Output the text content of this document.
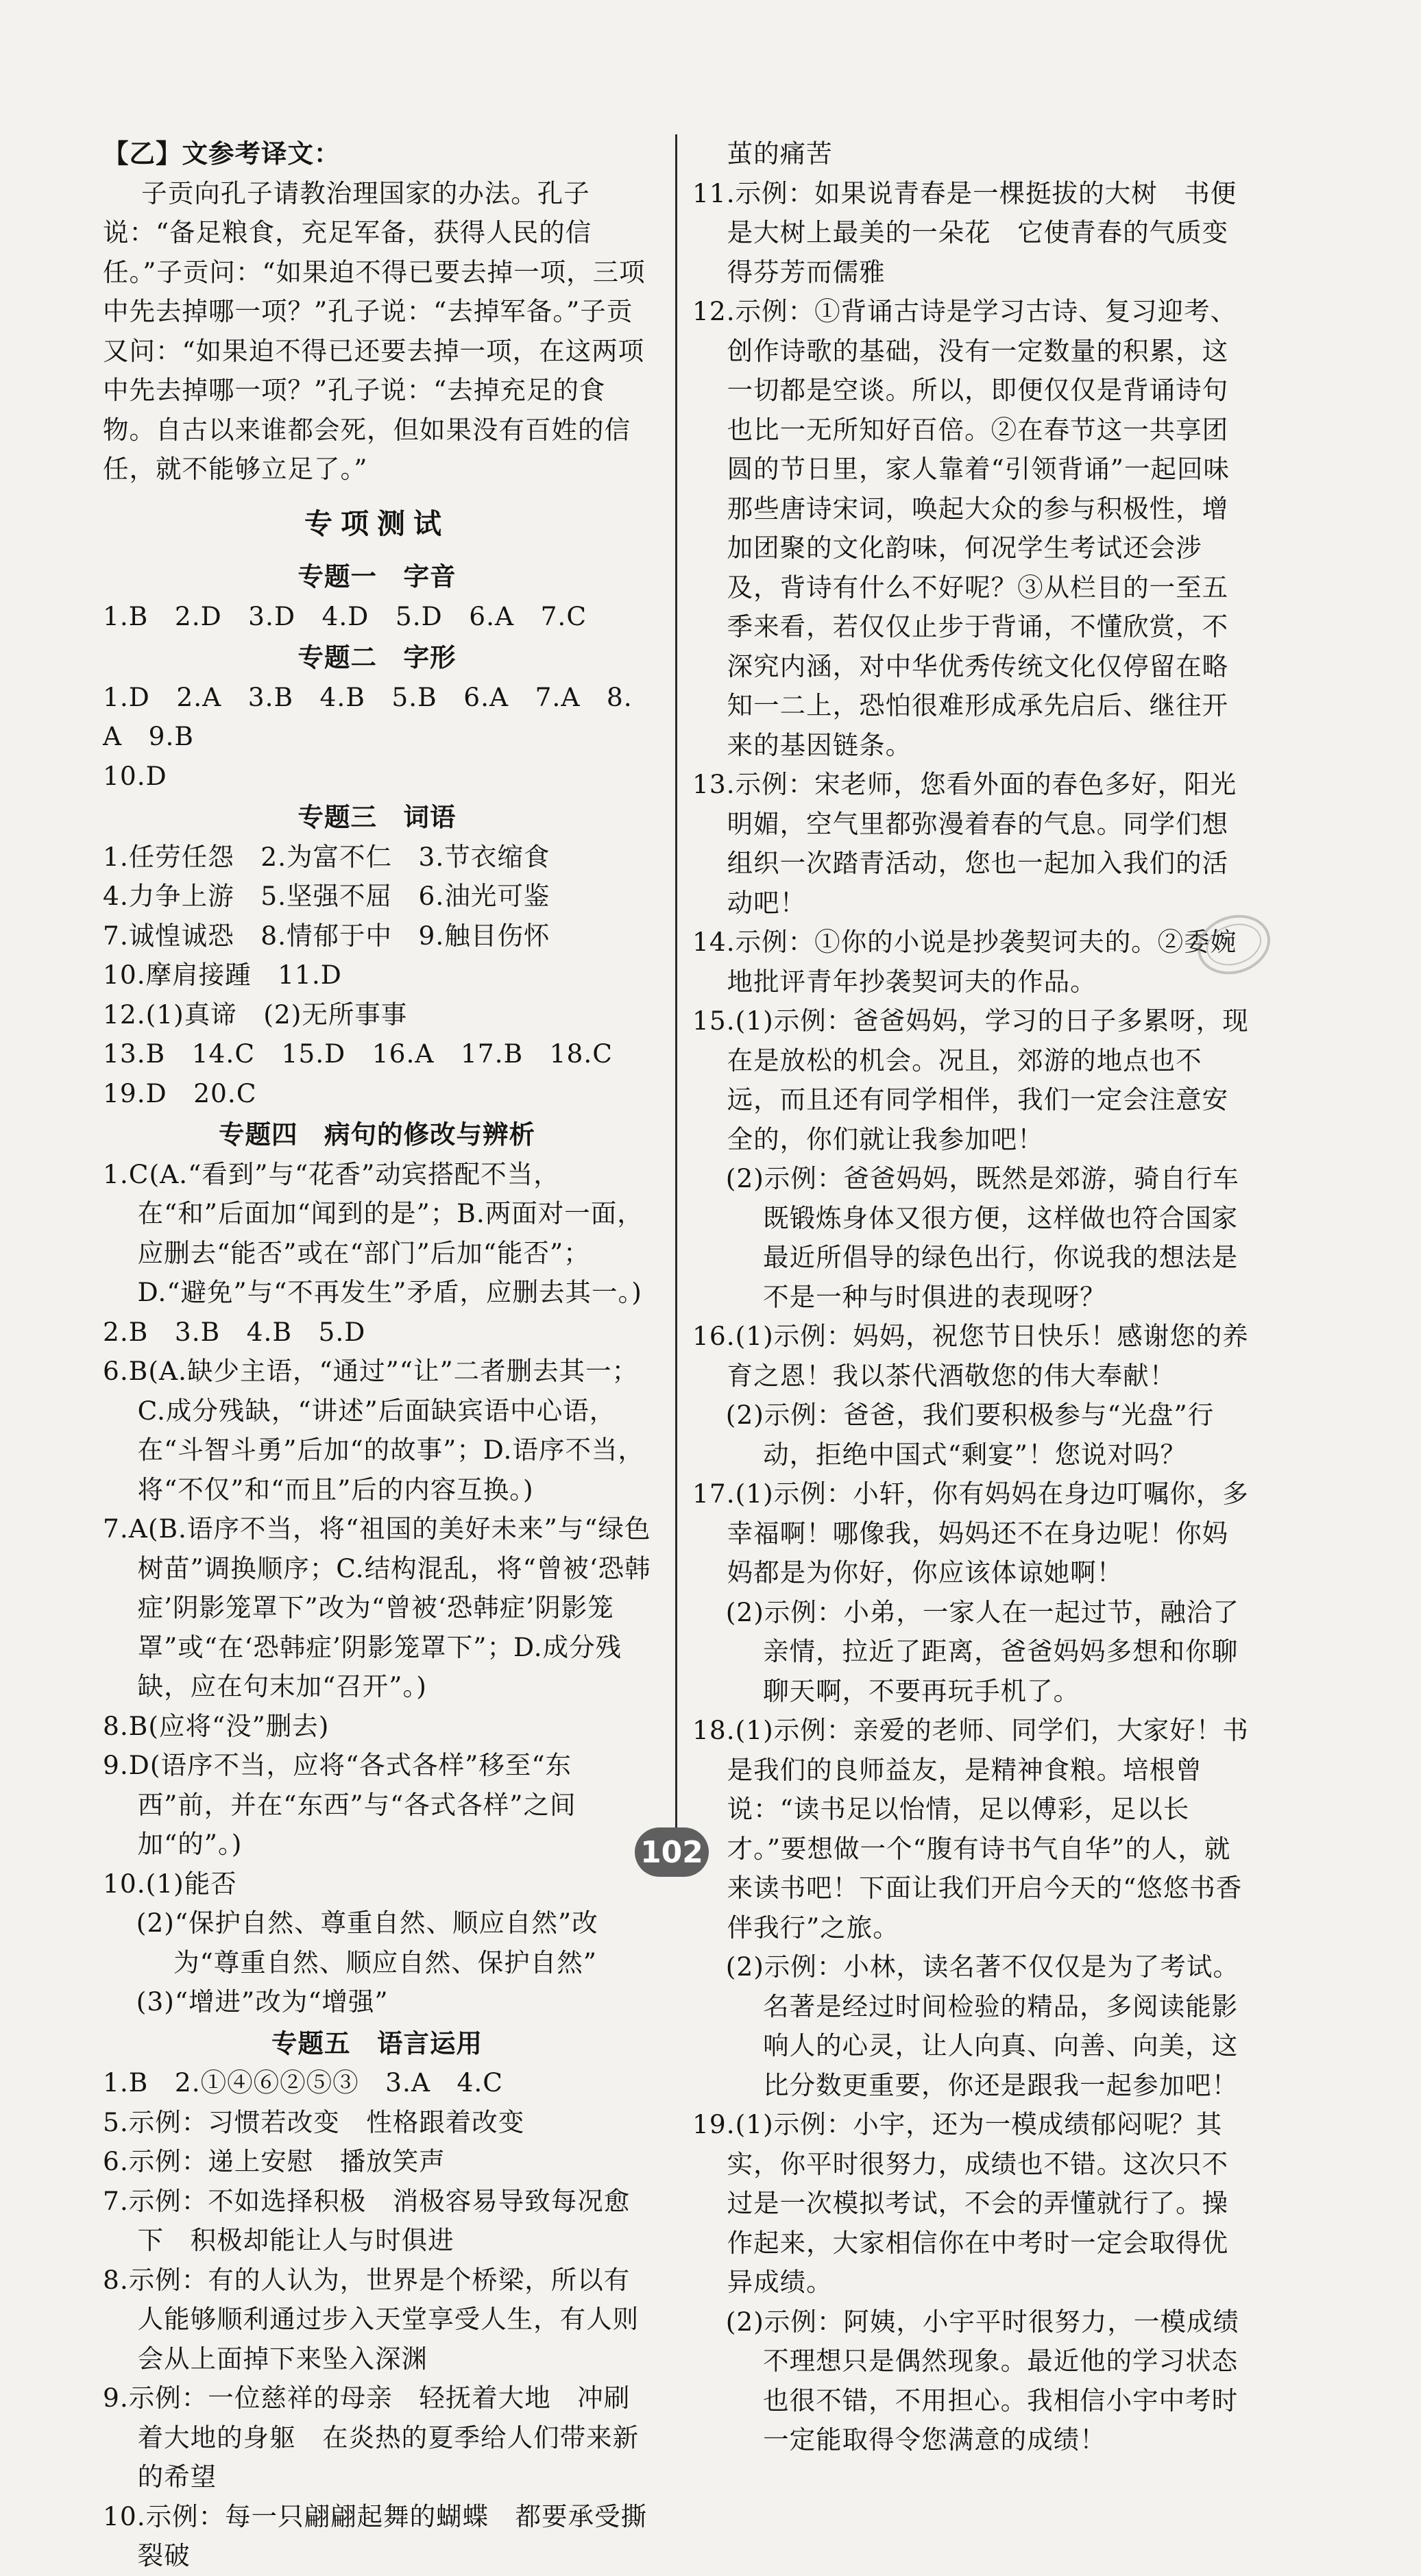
【乙】文参考译文：

子贡向孔子请教治理国家的办法。孔子说：“备足粮食，充足军备，获得人民的信任。”子贡问：“如果迫不得已要去掉一项，三项中先去掉哪一项？”孔子说：“去掉军备。”子贡又问：“如果迫不得已还要去掉一项，在这两项中先去掉哪一项？”孔子说：“去掉充足的食物。自古以来谁都会死，但如果没有百姓的信任，就不能够立足了。”

专项测试
专题一　字音

1.B　2.D　3.D　4.D　5.D　6.A　7.C

专题二　字形

1.D　2.A　3.B　4.B　5.B　6.A　7.A　8.A　9.B
10.D

专题三　词语

1.任劳任怨　2.为富不仁　3.节衣缩食

4.力争上游　5.坚强不屈　6.油光可鉴

7.诚惶诚恐　8.情郁于中　9.触目伤怀

10.摩肩接踵　11.D

12.(1)真谛　(2)无所事事

13.B　14.C　15.D　16.A　17.B　18.C　19.D　20.C

专题四　病句的修改与辨析

1.C(A.“看到”与“花香”动宾搭配不当，在“和”后面加“闻到的是”；B.两面对一面，应删去“能否”或在“部门”后加“能否”；D.“避免”与“不再发生”矛盾，应删去其一。)

2.B　3.B　4.B　5.D

6.B(A.缺少主语，“通过”“让”二者删去其一；C.成分残缺，“讲述”后面缺宾语中心语，在“斗智斗勇”后加“的故事”；D.语序不当，将“不仅”和“而且”后的内容互换。)

7.A(B.语序不当，将“祖国的美好未来”与“绿色树苗”调换顺序；C.结构混乱，将“曾被‘恐韩症’阴影笼罩下”改为“曾被‘恐韩症’阴影笼罩”或“在‘恐韩症’阴影笼罩下”；D.成分残缺，应在句末加“召开”。)

8.B(应将“没”删去)

9.D(语序不当，应将“各式各样”移至“东西”前，并在“东西”与“各式各样”之间加“的”。)

10.(1)能否

(2)“保护自然、尊重自然、顺应自然”改为“尊重自然、顺应自然、保护自然”

(3)“增进”改为“增强”

专题五　语言运用

1.B　2.①④⑥②⑤③　3.A　4.C

5.示例：习惯若改变　性格跟着改变

6.示例：递上安慰　播放笑声

7.示例：不如选择积极　消极容易导致每况愈下　积极却能让人与时俱进

8.示例：有的人认为，世界是个桥梁，所以有人能够顺利通过步入天堂享受人生，有人则会从上面掉下来坠入深渊

9.示例：一位慈祥的母亲　轻抚着大地　冲刷着大地的身躯　在炎热的夏季给人们带来新的希望

10.示例：每一只翩翩起舞的蝴蝶　都要承受撕裂破

茧的痛苦

11.示例：如果说青春是一棵挺拔的大树　书便是大树上最美的一朵花　它使青春的气质变得芬芳而儒雅

12.示例：①背诵古诗是学习古诗、复习迎考、创作诗歌的基础，没有一定数量的积累，这一切都是空谈。所以，即便仅仅是背诵诗句也比一无所知好百倍。②在春节这一共享团圆的节日里，家人靠着“引领背诵”一起回味那些唐诗宋词，唤起大众的参与积极性，增加团聚的文化韵味，何况学生考试还会涉及，背诗有什么不好呢？③从栏目的一至五季来看，若仅仅止步于背诵，不懂欣赏，不深究内涵，对中华优秀传统文化仅停留在略知一二上，恐怕很难形成承先启后、继往开来的基因链条。

13.示例：宋老师，您看外面的春色多好，阳光明媚，空气里都弥漫着春的气息。同学们想组织一次踏青活动，您也一起加入我们的活动吧！

14.示例：①你的小说是抄袭契诃夫的。②委婉地批评青年抄袭契诃夫的作品。

15.(1)示例：爸爸妈妈，学习的日子多累呀，现在是放松的机会。况且，郊游的地点也不远，而且还有同学相伴，我们一定会注意安全的，你们就让我参加吧！

(2)示例：爸爸妈妈，既然是郊游，骑自行车既锻炼身体又很方便，这样做也符合国家最近所倡导的绿色出行，你说我的想法是不是一种与时俱进的表现呀？

16.(1)示例：妈妈，祝您节日快乐！感谢您的养育之恩！我以茶代酒敬您的伟大奉献！

(2)示例：爸爸，我们要积极参与“光盘”行动，拒绝中国式“剩宴”！您说对吗？

17.(1)示例：小轩，你有妈妈在身边叮嘱你，多幸福啊！哪像我，妈妈还不在身边呢！你妈妈都是为你好，你应该体谅她啊！

(2)示例：小弟，一家人在一起过节，融洽了亲情，拉近了距离，爸爸妈妈多想和你聊聊天啊，不要再玩手机了。

18.(1)示例：亲爱的老师、同学们，大家好！书是我们的良师益友，是精神食粮。培根曾说：“读书足以怡情，足以傅彩，足以长才。”要想做一个“腹有诗书气自华”的人，就来读书吧！下面让我们开启今天的“悠悠书香伴我行”之旅。

(2)示例：小林，读名著不仅仅是为了考试。名著是经过时间检验的精品，多阅读能影响人的心灵，让人向真、向善、向美，这比分数更重要，你还是跟我一起参加吧！

19.(1)示例：小宇，还为一模成绩郁闷呢？其实，你平时很努力，成绩也不错。这次只不过是一次模拟考试，不会的弄懂就行了。操作起来，大家相信你在中考时一定会取得优异成绩。

(2)示例：阿姨，小宇平时很努力，一模成绩不理想只是偶然现象。最近他的学习状态也很不错，不用担心。我相信小宇中考时一定能取得令您满意的成绩！

102
